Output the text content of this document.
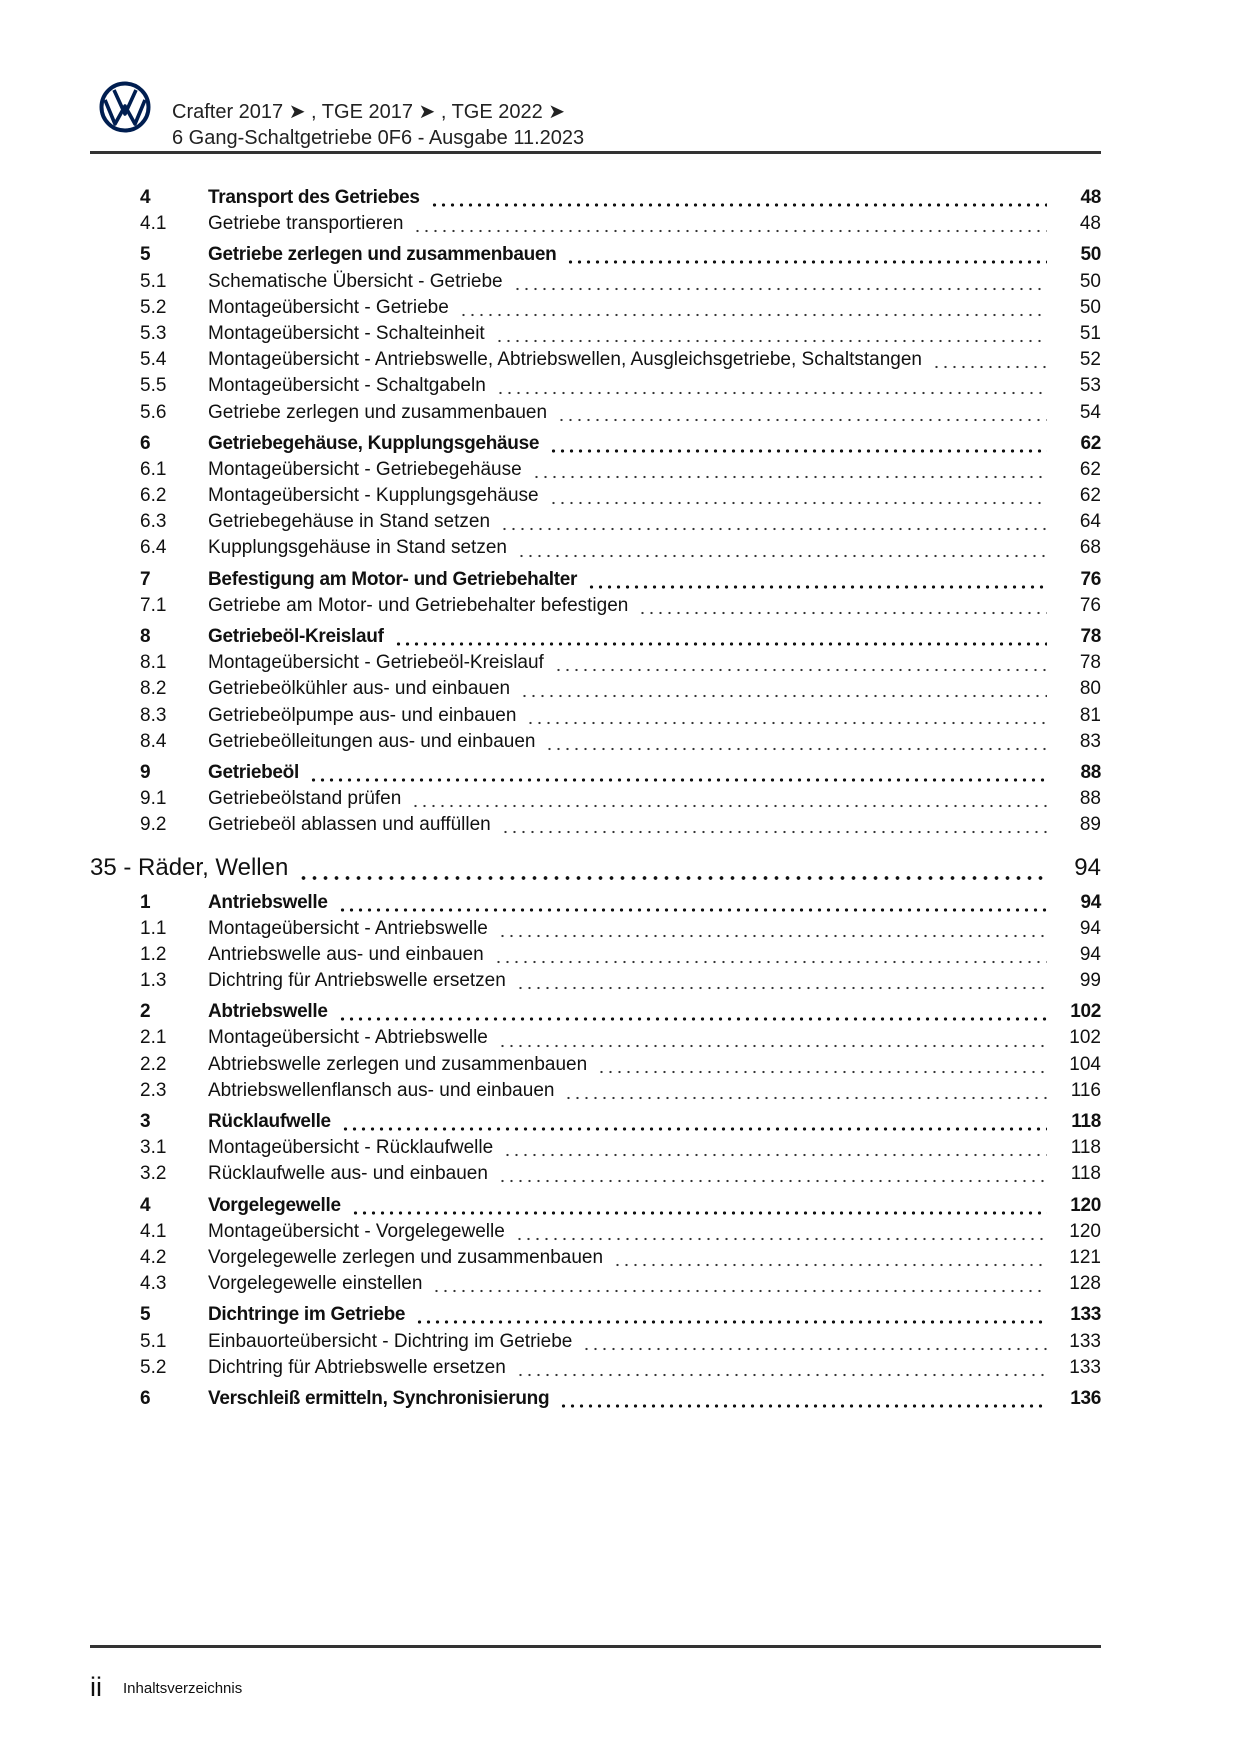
Crafter 2017 ➤ , TGE 2017 ➤ , TGE 2022 ➤
6 Gang-Schaltgetriebe 0F6 - Ausgabe 11.2023
4	Transport des Getriebes	48
4.1	Getriebe transportieren	48
5	Getriebe zerlegen und zusammenbauen	50
5.1	Schematische Übersicht - Getriebe	50
5.2	Montageübersicht - Getriebe	50
5.3	Montageübersicht - Schalteinheit	51
5.4	Montageübersicht - Antriebswelle, Abtriebswellen, Ausgleichsgetriebe, Schaltstangen	52
5.5	Montageübersicht - Schaltgabeln	53
5.6	Getriebe zerlegen und zusammenbauen	54
6	Getriebegehäuse, Kupplungsgehäuse	62
6.1	Montageübersicht - Getriebegehäuse	62
6.2	Montageübersicht - Kupplungsgehäuse	62
6.3	Getriebegehäuse in Stand setzen	64
6.4	Kupplungsgehäuse in Stand setzen	68
7	Befestigung am Motor- und Getriebehalter	76
7.1	Getriebe am Motor- und Getriebehalter befestigen	76
8	Getriebeöl-Kreislauf	78
8.1	Montageübersicht - Getriebeöl-Kreislauf	78
8.2	Getriebeölkühler aus- und einbauen	80
8.3	Getriebeölpumpe aus- und einbauen	81
8.4	Getriebeölleitungen aus- und einbauen	83
9	Getriebeöl	88
9.1	Getriebeölstand prüfen	88
9.2	Getriebeöl ablassen und auffüllen	89
35 - Räder, Wellen	94
1	Antriebswelle	94
1.1	Montageübersicht - Antriebswelle	94
1.2	Antriebswelle aus- und einbauen	94
1.3	Dichtring für Antriebswelle ersetzen	99
2	Abtriebswelle	102
2.1	Montageübersicht - Abtriebswelle	102
2.2	Abtriebswelle zerlegen und zusammenbauen	104
2.3	Abtriebswellenflansch aus- und einbauen	116
3	Rücklaufwelle	118
3.1	Montageübersicht - Rücklaufwelle	118
3.2	Rücklaufwelle aus- und einbauen	118
4	Vorgelegewelle	120
4.1	Montageübersicht - Vorgelegewelle	120
4.2	Vorgelegewelle zerlegen und zusammenbauen	121
4.3	Vorgelegewelle einstellen	128
5	Dichtringe im Getriebe	133
5.1	Einbauorteübersicht - Dichtring im Getriebe	133
5.2	Dichtring für Abtriebswelle ersetzen	133
6	Verschleiß ermitteln, Synchronisierung	136
ii Inhaltsverzeichnis
